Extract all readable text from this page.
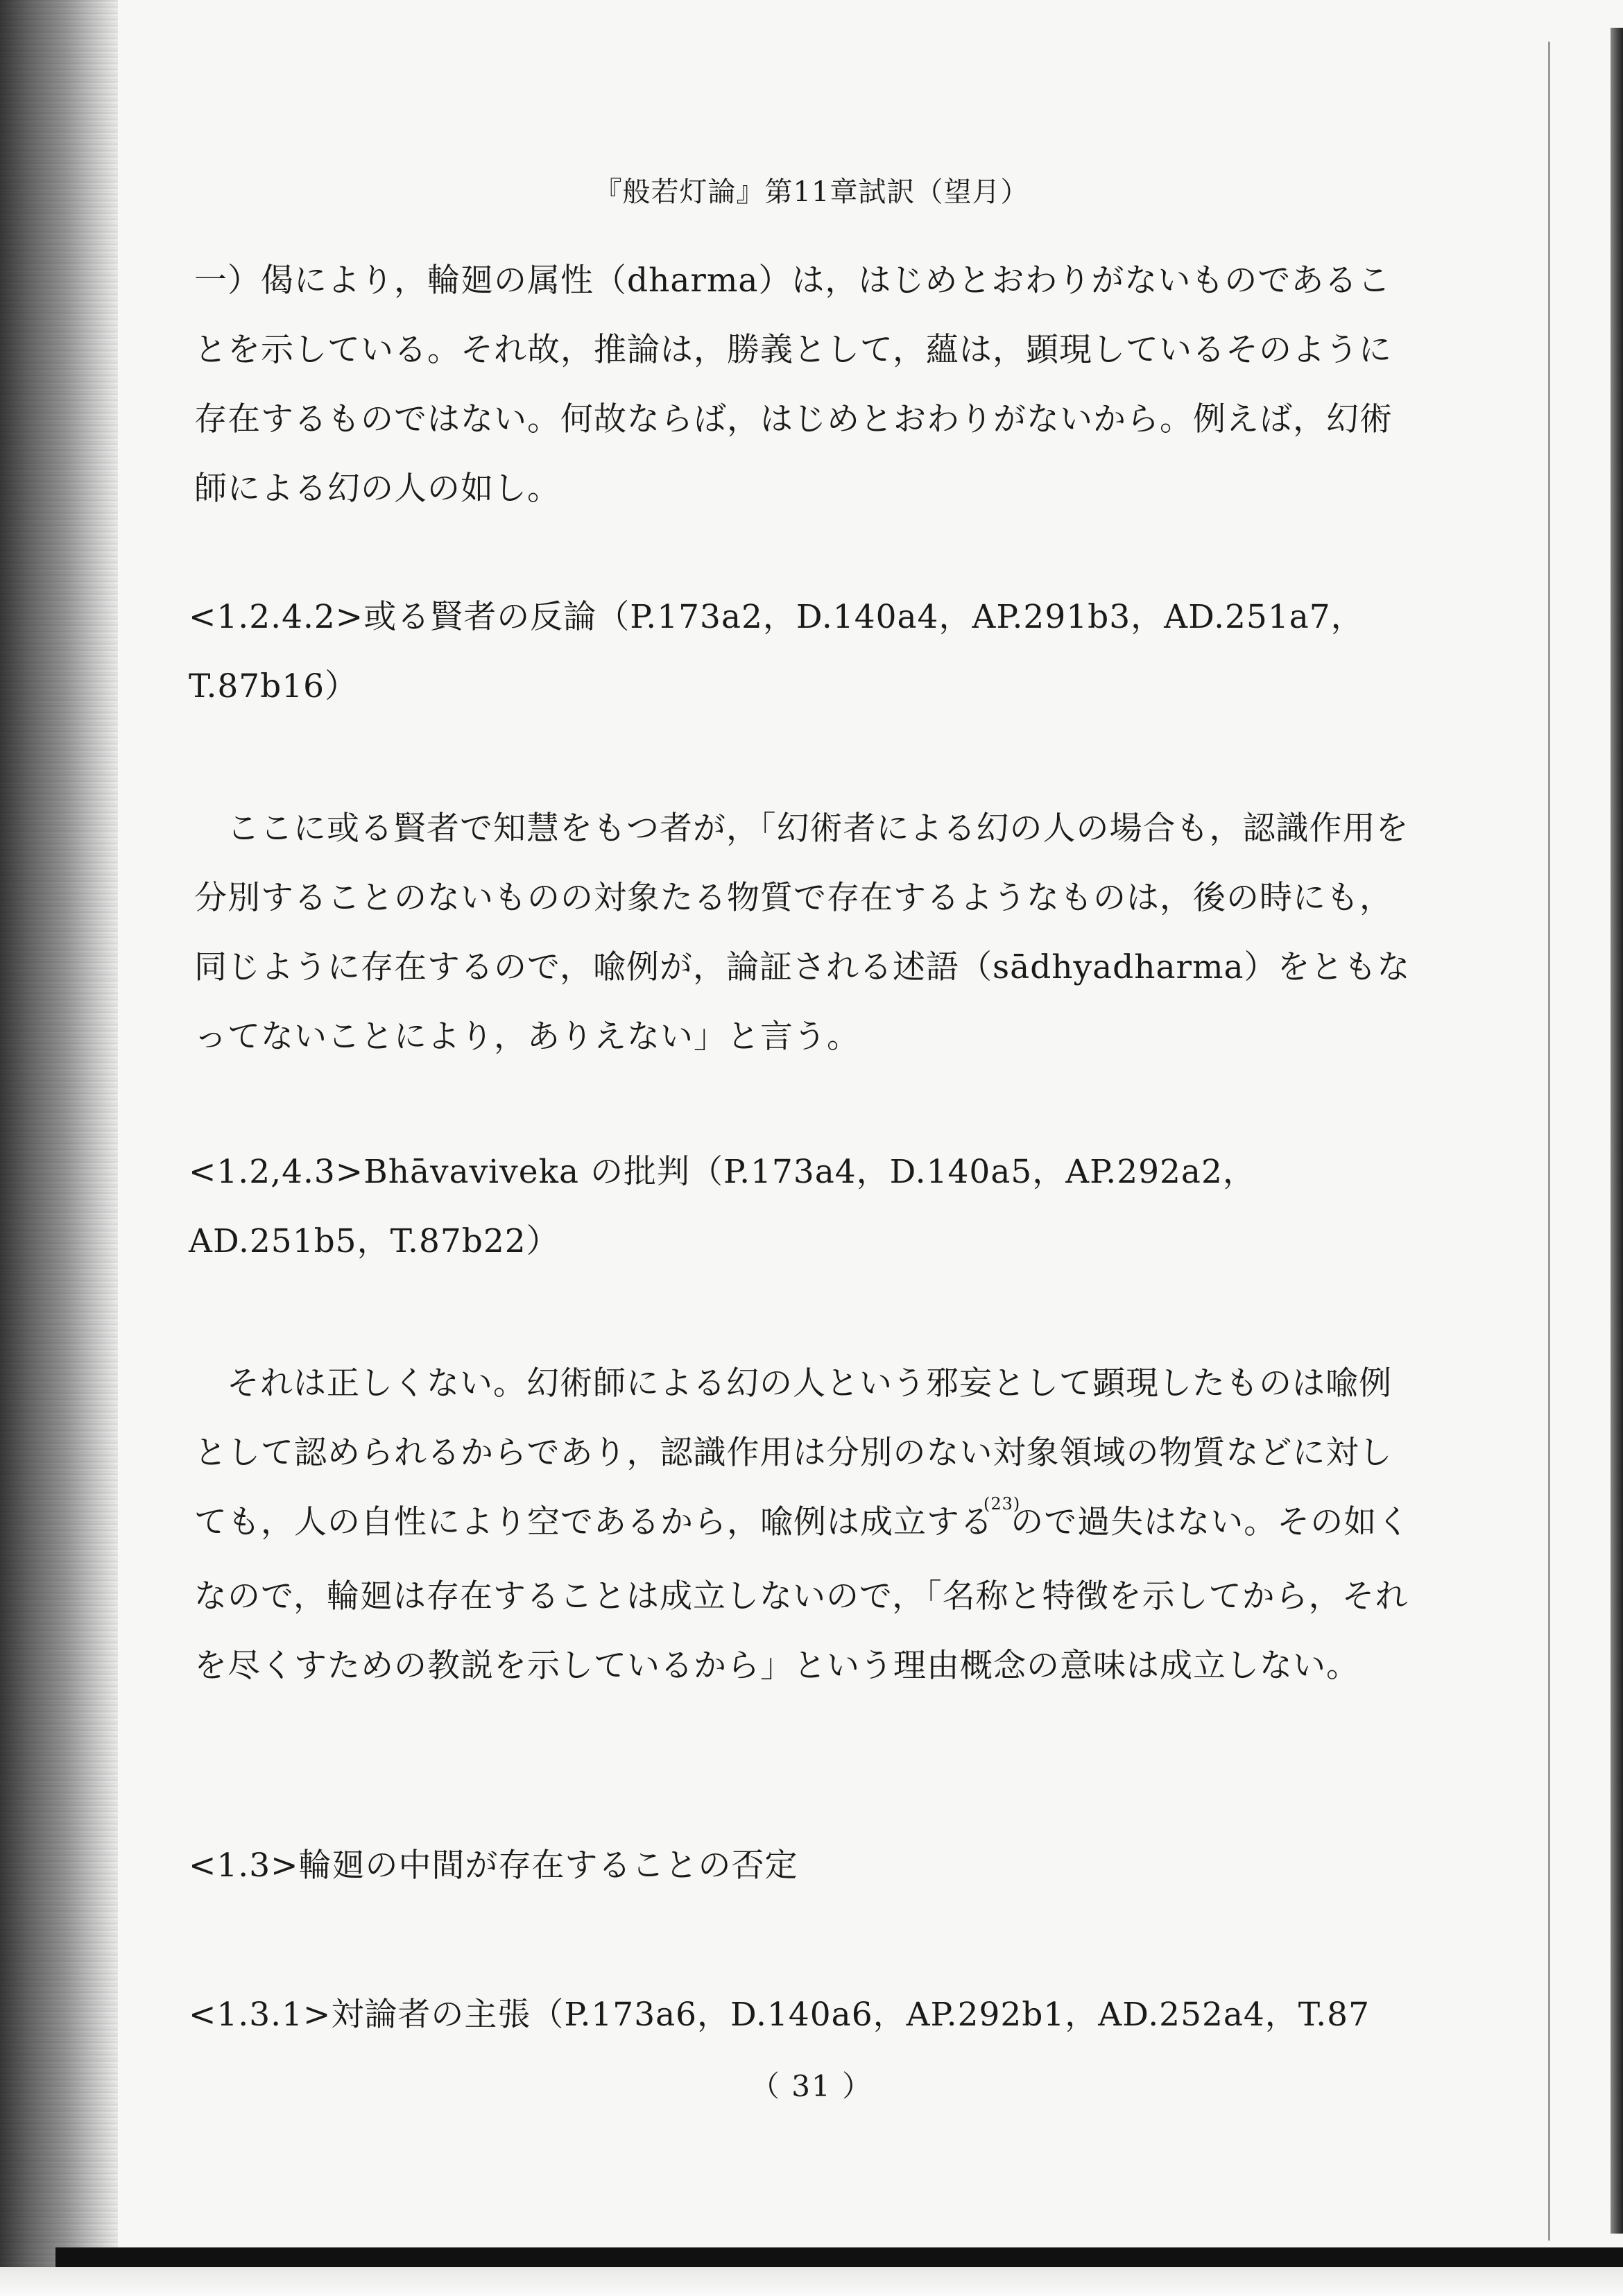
『般若灯論』第11章試訳（望月）

一）偈により，輪廻の属性（dharma）は，はじめとおわりがないものであることを示している。それ故，推論は，勝義として，蘊は，顕現しているそのように存在するものではない。何故ならば，はじめとおわりがないから。例えば，幻術師による幻の人の如し。

<1.2.4.2>或る賢者の反論（P.173a2，D.140a4，AP.291b3，AD.251a7，T.87b16）

ここに或る賢者で知慧をもつ者が，「幻術者による幻の人の場合も，認識作用を分別することのないものの対象たる物質で存在するようなものは，後の時にも，同じように存在するので，喩例が，論証される述語（sādhyadharma）をともなってないことにより，ありえない」と言う。

<1.2,4.3>Bhāvaviveka の批判（P.173a4，D.140a5，AP.292a2，AD.251b5，T.87b22）

それは正しくない。幻術師による幻の人という邪妄として顕現したものは喩例として認められるからであり，認識作用は分別のない対象領域の物質などに対しても，人の自性により空であるから，喩例は成立する$^{(23)}$ので過失はない。その如くなので，輪廻は存在することは成立しないので，「名称と特徴を示してから，それを尽くすための教説を示しているから」という理由概念の意味は成立しない。

<1.3>輪廻の中間が存在することの否定

<1.3.1>対論者の主張（P.173a6，D.140a6，AP.292b1，AD.252a4，T.87

（ 31 ）
